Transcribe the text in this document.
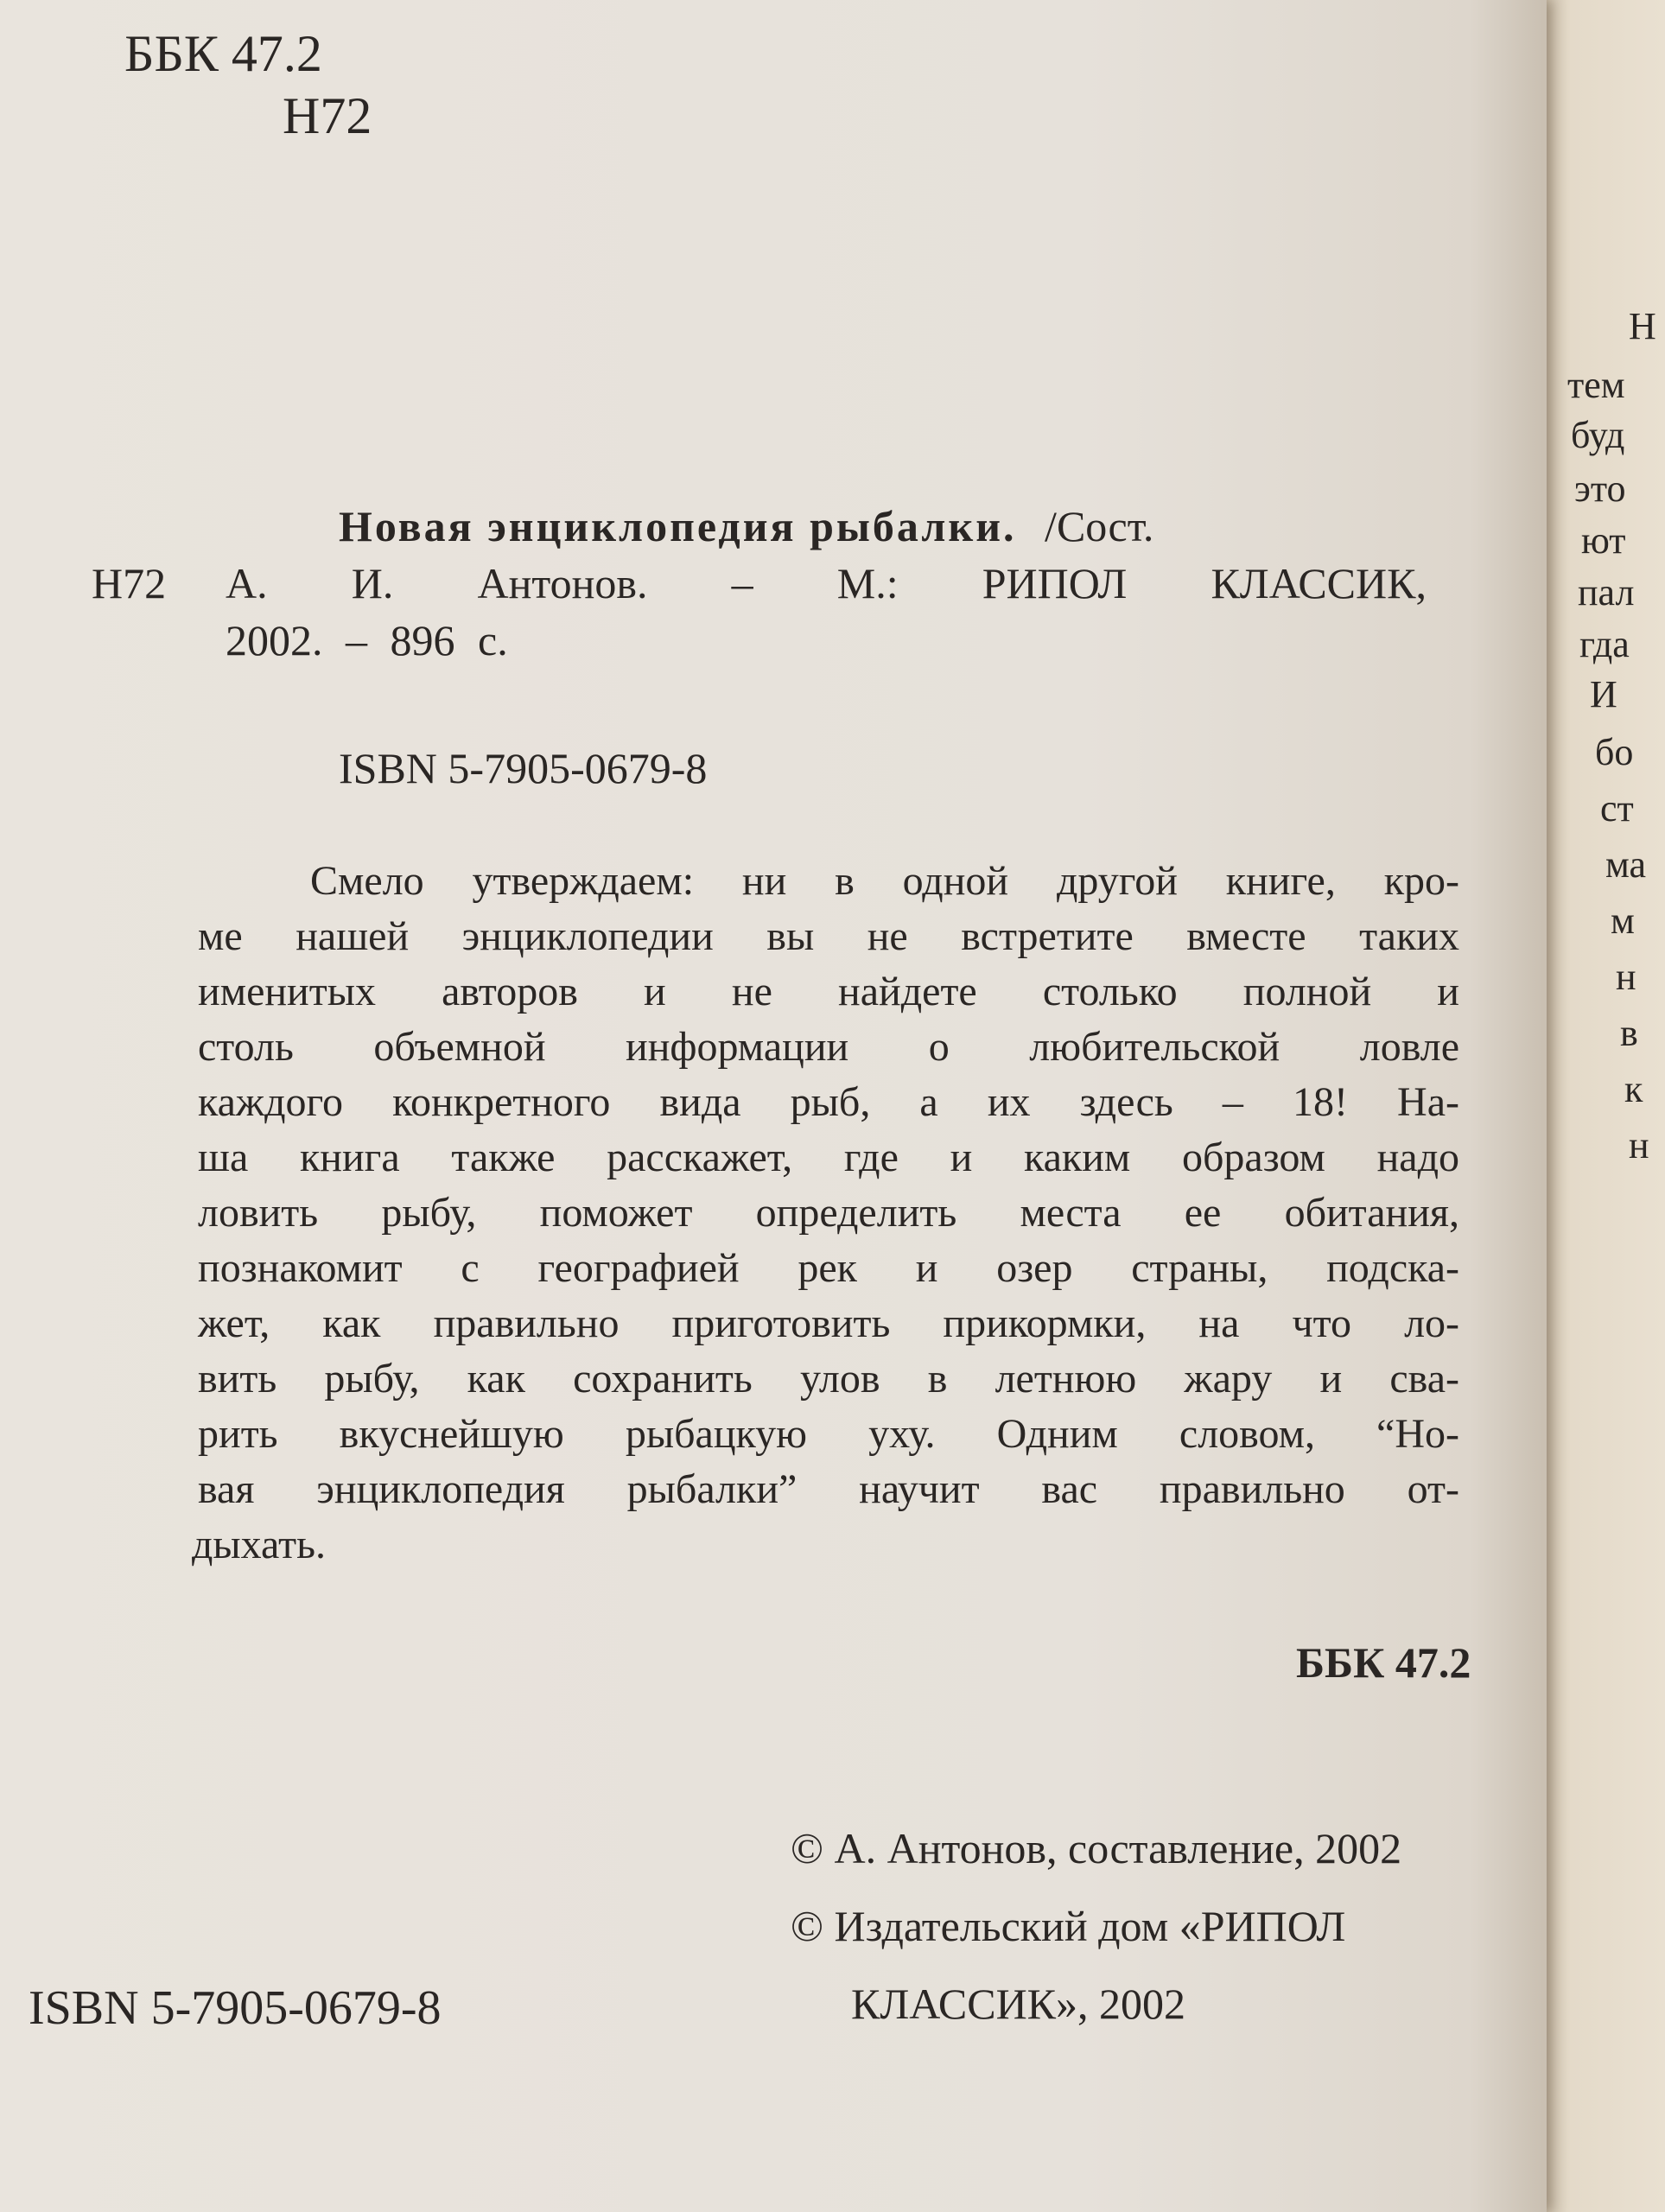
ББК 47.2
Н72
Новая энциклопедия рыбалки. /Сост.
Н72 А. И. Антонов. – М.: РИПОЛ КЛАССИК,
2002. – 896 с.
ISBN 5-7905-0679-8
Смело утверждаем: ни в одной другой книге, кро-
ме нашей энциклопедии вы не встретите вместе таких
именитых авторов и не найдете столько полной и
столь объемной информации о любительской ловле
каждого конкретного вида рыб, а их здесь – 18! На-
ша книга также расскажет, где и каким образом надо
ловить рыбу, поможет определить места ее обитания,
познакомит с географией рек и озер страны, подска-
жет, как правильно приготовить прикормки, на что ло-
вить рыбу, как сохранить улов в летнюю жару и сва-
рить вкуснейшую рыбацкую уху. Одним словом, “Но-
вая энциклопедия рыбалки” научит вас правильно от-
дыхать.
ББК 47.2
© А. Антонов, составление, 2002
© Издательский дом «РИПОЛ
КЛАССИК», 2002
ISBN 5-7905-0679-8
Н
тем
буд
это
ют
пал
гда
И
бо
ст
ма
м
н
в
к
н
